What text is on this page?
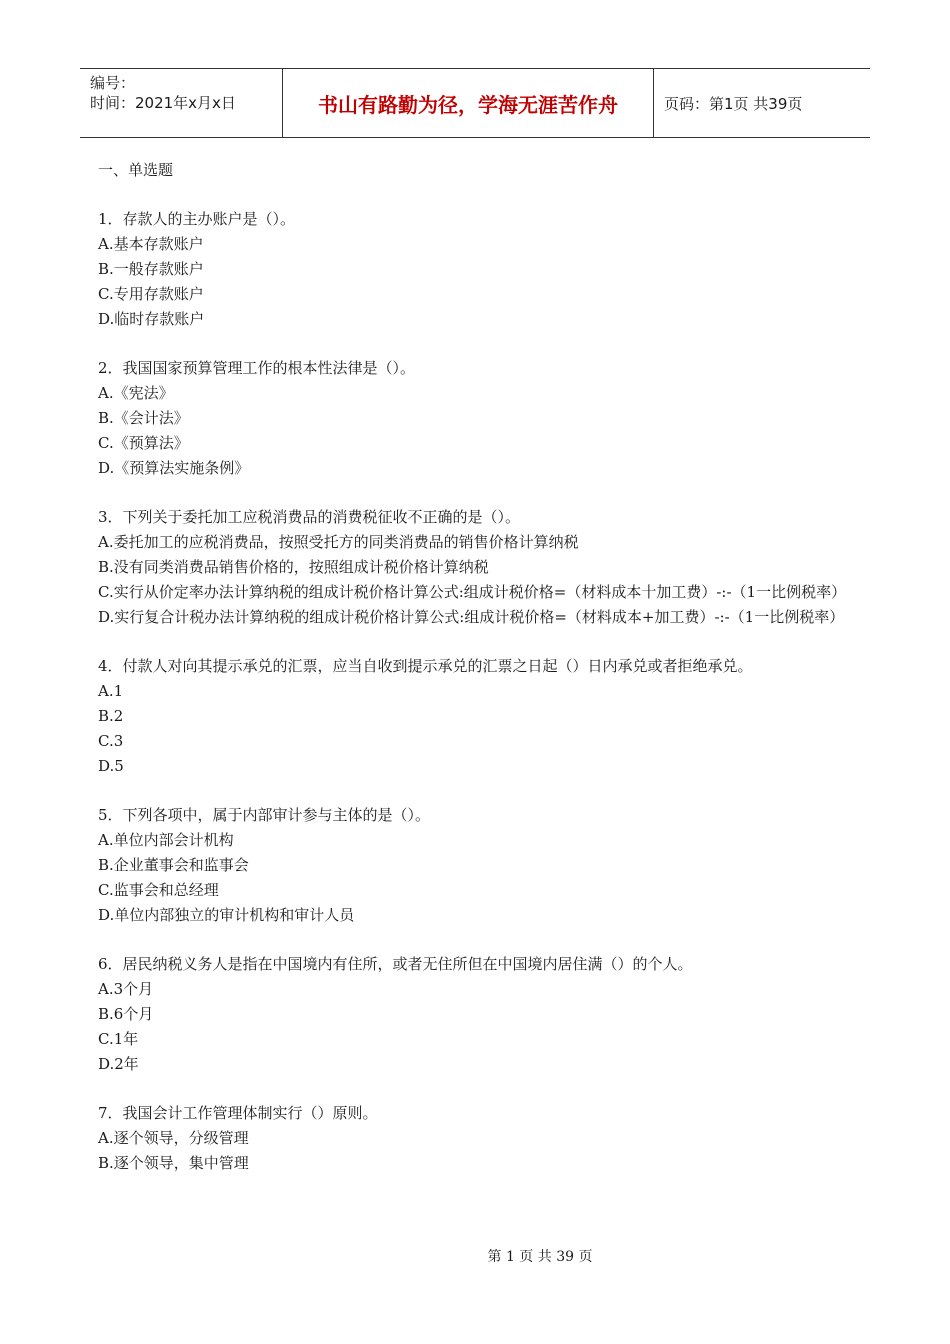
编号：
时间：2021年x月x日	书山有路勤为径，学海无涯苦作舟	页码：第1页 共39页

一、单选题

1．存款人的主办账户是（）。

A.基本存款账户

B.一般存款账户

C.专用存款账户

D.临时存款账户

2．我国国家预算管理工作的根本性法律是（）。

A.《宪法》

B.《会计法》

C.《预算法》

D.《预算法实施条例》

3．下列关于委托加工应税消费品的消费税征收不正确的是（）。

A.委托加工的应税消费品，按照受托方的同类消费品的销售价格计算纳税

B.没有同类消费品销售价格的，按照组成计税价格计算纳税

C.实行从价定率办法计算纳税的组成计税价格计算公式:组成计税价格=（材料成本十加工费）-:-（1一比例税率）

D.实行复合计税办法计算纳税的组成计税价格计算公式:组成计税价格=（材料成本+加工费）-:-（1一比例税率）

4．付款人对向其提示承兑的汇票，应当自收到提示承兑的汇票之日起（）日内承兑或者拒绝承兑。

A.1

B.2

C.3

D.5

5．下列各项中，属于内部审计参与主体的是（）。

A.单位内部会计机构

B.企业董事会和监事会

C.监事会和总经理

D.单位内部独立的审计机构和审计人员

6．居民纳税义务人是指在中国境内有住所，或者无住所但在中国境内居住满（）的个人。

A.3个月

B.6个月

C.1年

D.2年

7．我国会计工作管理体制实行（）原则。

A.逐个领导，分级管理

B.逐个领导，集中管理

第 1 页 共 39 页
